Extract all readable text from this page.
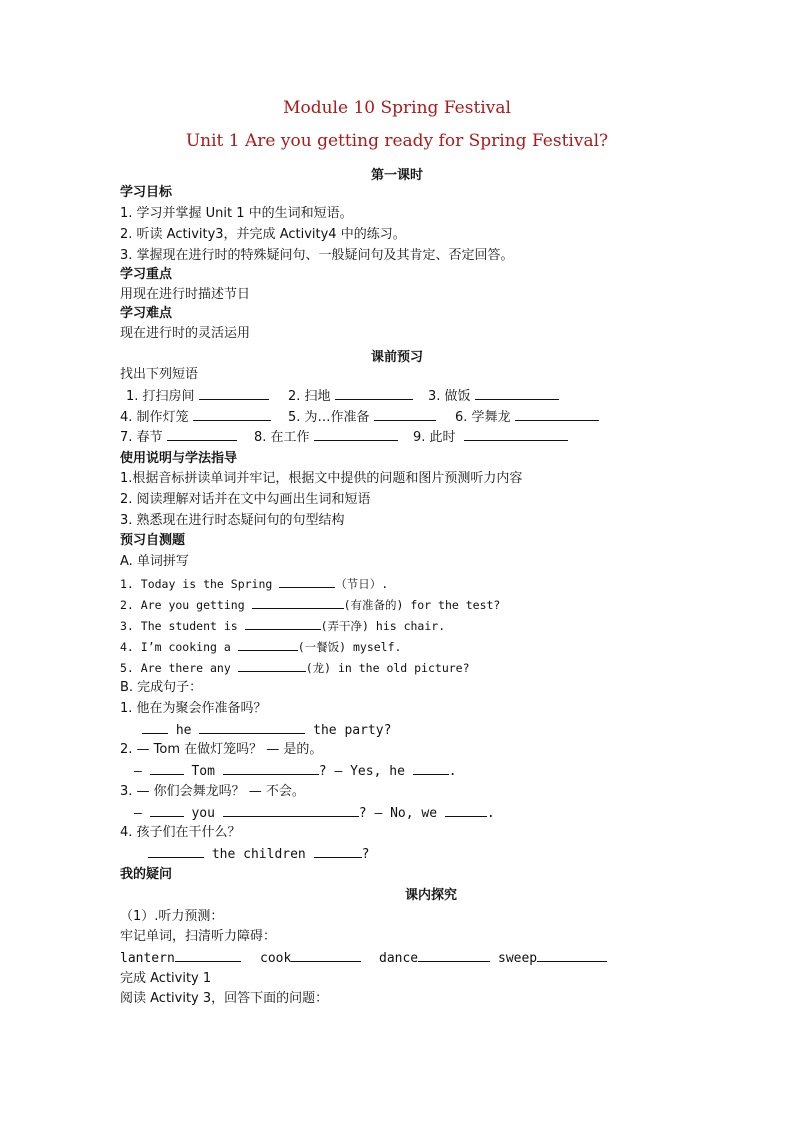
Module 10 Spring Festival
Unit 1 Are you getting ready for Spring Festival?
第一课时
学习目标
1. 学习并掌握 Unit 1 中的生词和短语。
2. 听读 Activity3，并完成 Activity4 中的练习。
3. 掌握现在进行时的特殊疑问句、一般疑问句及其肯定、否定回答。
学习重点
用现在进行时描述节日
学习难点
现在进行时的灵活运用
课前预习
找出下列短语
1. 打扫房间	2. 扫地	3. 做饭
4. 制作灯笼	5. 为…作准备	6. 学舞龙
7. 春节	8. 在工作	9. 此时
使用说明与学法指导
1.根据音标拼读单词并牢记，根据文中提供的问题和图片预测听力内容
2. 阅读理解对话并在文中勾画出生词和短语
3. 熟悉现在进行时态疑问句的句型结构
预习自测题
A. 单词拼写
1. Today is the Spring	（节日）.
2. Are you getting	(有准备的) for the test?
3. The student is	(弄干净) his chair.
4. I’m cooking a	(一餐饭) myself.
5. Are there any	(龙) in the old picture?
B. 完成句子：
1. 他在为聚会作准备吗？
he	the party?
2. — Tom 在做灯笼吗？ — 是的。
—	Tom	? — Yes, he	.
3. — 你们会舞龙吗？ — 不会。
—	you	? — No, we	.
4. 孩子们在干什么？
the children	?
我的疑问
课内探究
（1）.听力预测：
牢记单词，扫清听力障碍：
lantern	cook	dance	sweep
完成 Activity 1
阅读 Activity 3，回答下面的问题：
